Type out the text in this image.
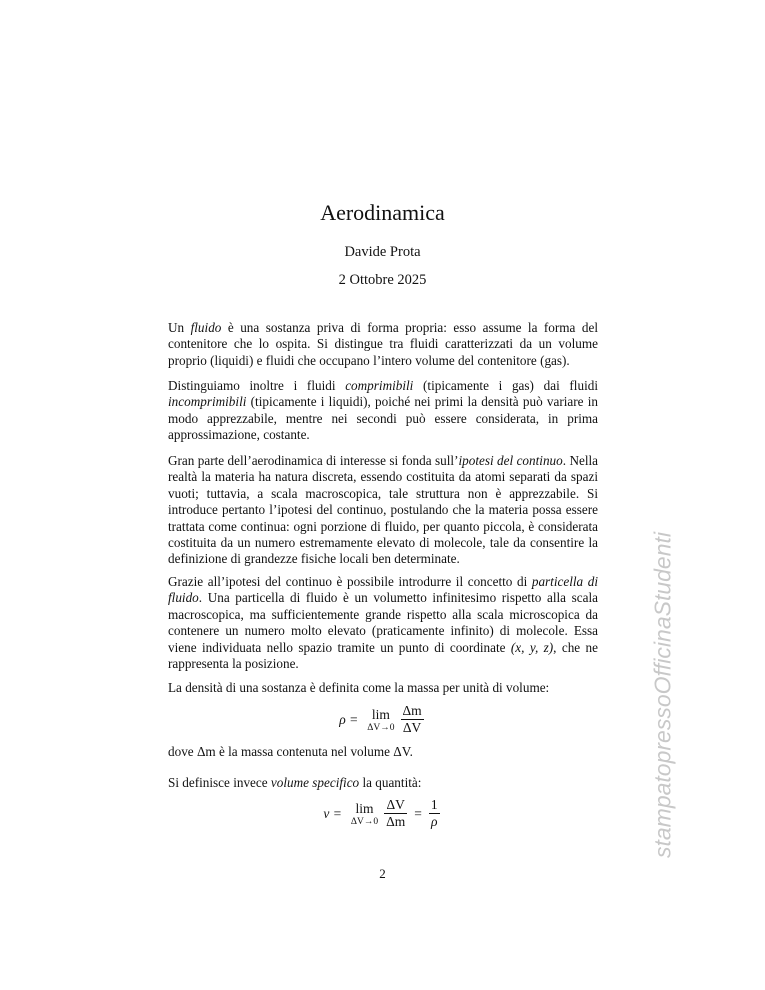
Aerodinamica
Davide Prota
2 Ottobre 2025

Un fluido è una sostanza priva di forma propria: esso assume la forma del contenitore che lo ospita. Si distingue tra fluidi caratterizzati da un volume proprio (liquidi) e fluidi che occupano l’intero volume del contenitore (gas).

Distinguiamo inoltre i fluidi comprimibili (tipicamente i gas) dai fluidi incomprimibili (tipicamente i liquidi), poiché nei primi la densità può variare in modo apprezzabile, mentre nei secondi può essere considerata, in prima approssimazione, costante.

Gran parte dell’aerodinamica di interesse si fonda sull’ipotesi del continuo. Nella realtà la materia ha natura discreta, essendo costituita da atomi separati da spazi vuoti; tuttavia, a scala macroscopica, tale struttura non è apprezzabile. Si introduce pertanto l’ipotesi del continuo, postulando che la materia possa essere trattata come continua: ogni porzione di fluido, per quanto piccola, è considerata costituita da un numero estremamente elevato di molecole, tale da consentire la definizione di grandezze fisiche locali ben determinate.

Grazie all’ipotesi del continuo è possibile introdurre il concetto di particella di fluido. Una particella di fluido è un volumetto infinitesimo rispetto alla scala macroscopica, ma sufficientemente grande rispetto alla scala microscopica da contenere un numero molto elevato (praticamente infinito) di molecole. Essa viene individuata nello spazio tramite un punto di coordinate (x, y, z), che ne rappresenta la posizione.

La densità di una sostanza è definita come la massa per unità di volume:

ρ = lim
$\Delta V\to 0 \frac{\Delta m}{\Delta V}$

dove Δm è la massa contenuta nel volume ΔV.

Si definisce invece volume specifico la quantità:

v = lim
$\Delta V\to 0 \frac{\Delta V}{\Delta m} = \frac{1}{\rho}$
2
stampatopressoOfficinaStudenti
